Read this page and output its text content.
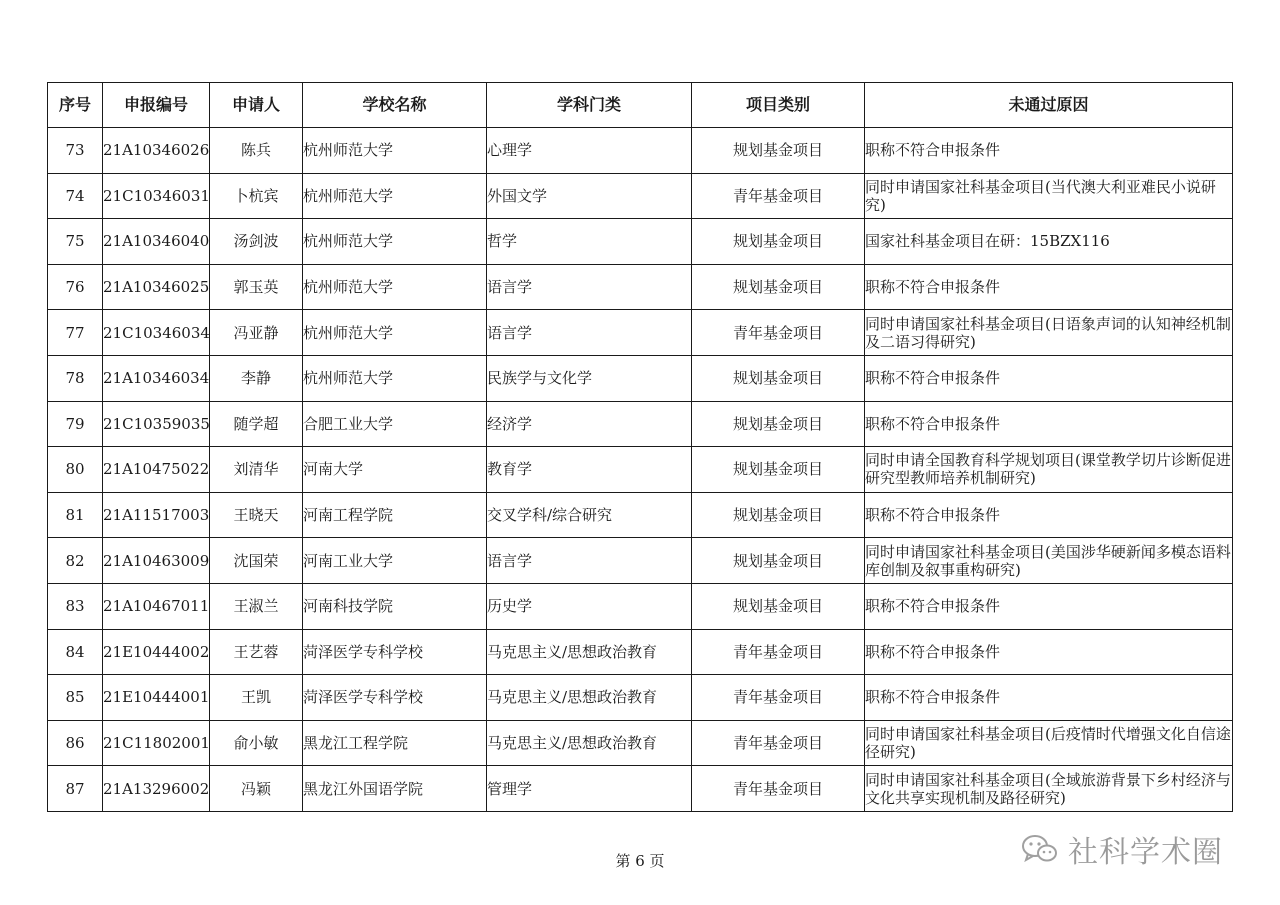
序号	申报编号	申请人	学校名称	学科门类	项目类别	未通过原因
73	21A10346026	陈兵	杭州师范大学	心理学	规划基金项目	职称不符合申报条件
74	21C10346031	卜杭宾	杭州师范大学	外国文学	青年基金项目	同时申请国家社科基金项目(当代澳大利亚难民小说研究)
75	21A10346040	汤剑波	杭州师范大学	哲学	规划基金项目	国家社科基金项目在研：15BZX116
76	21A10346025	郭玉英	杭州师范大学	语言学	规划基金项目	职称不符合申报条件
77	21C10346034	冯亚静	杭州师范大学	语言学	青年基金项目	同时申请国家社科基金项目(日语象声词的认知神经机制及二语习得研究)
78	21A10346034	李静	杭州师范大学	民族学与文化学	规划基金项目	职称不符合申报条件
79	21C10359035	随学超	合肥工业大学	经济学	规划基金项目	职称不符合申报条件
80	21A10475022	刘清华	河南大学	教育学	规划基金项目	同时申请全国教育科学规划项目(课堂教学切片诊断促进研究型教师培养机制研究)
81	21A11517003	王晓天	河南工程学院	交叉学科/综合研究	规划基金项目	职称不符合申报条件
82	21A10463009	沈国荣	河南工业大学	语言学	规划基金项目	同时申请国家社科基金项目(美国涉华硬新闻多模态语料库创制及叙事重构研究)
83	21A10467011	王淑兰	河南科技学院	历史学	规划基金项目	职称不符合申报条件
84	21E10444002	王艺蓉	菏泽医学专科学校	马克思主义/思想政治教育	青年基金项目	职称不符合申报条件
85	21E10444001	王凯	菏泽医学专科学校	马克思主义/思想政治教育	青年基金项目	职称不符合申报条件
86	21C11802001	俞小敏	黑龙江工程学院	马克思主义/思想政治教育	青年基金项目	同时申请国家社科基金项目(后疫情时代增强文化自信途径研究)
87	21A13296002	冯颖	黑龙江外国语学院	管理学	青年基金项目	同时申请国家社科基金项目(全域旅游背景下乡村经济与文化共享实现机制及路径研究)
第 6 页	社科学术圈
